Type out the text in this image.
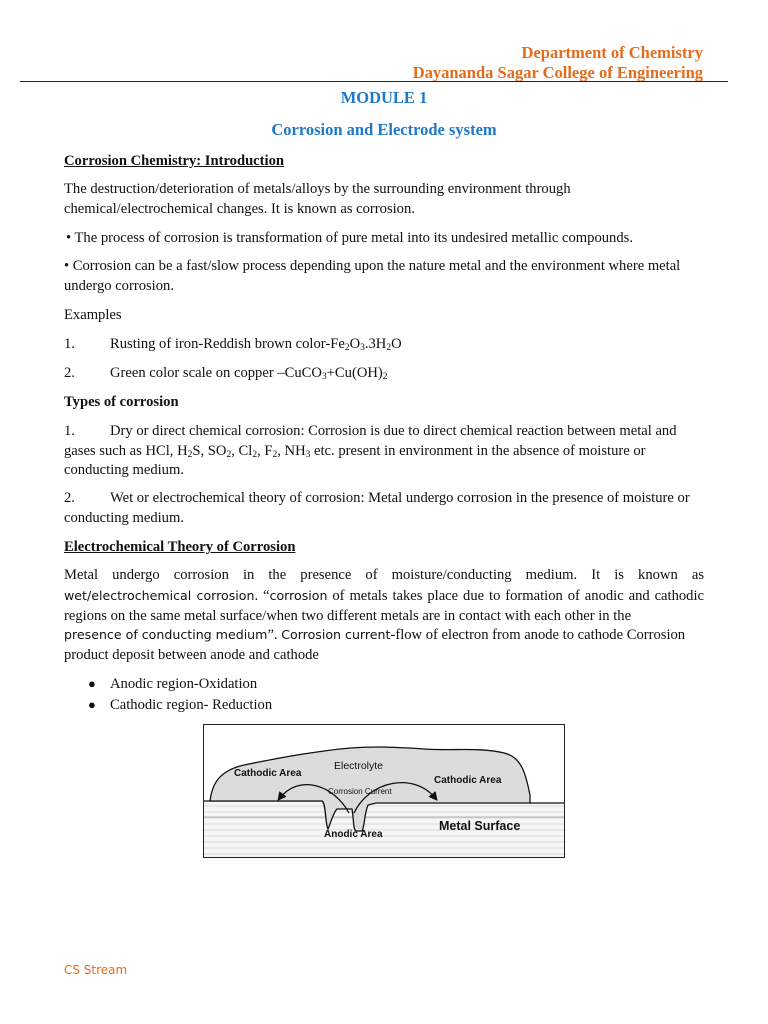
Department of Chemistry
Dayananda Sagar College of Engineering
MODULE 1
Corrosion and Electrode system
Corrosion Chemistry: Introduction
The destruction/deterioration of metals/alloys by the surrounding environment through chemical/electrochemical changes. It is known as corrosion.
• The process of corrosion is transformation of pure metal into its undesired metallic compounds.
• Corrosion can be a fast/slow process depending upon the nature metal and the environment where metal undergo corrosion.
Examples
1. Rusting of iron-Reddish brown color-$Fe_2O_3.3H_2O$
2. Green color scale on copper $-CuCO_3+Cu(OH)_2$
Types of corrosion
1. Dry or direct chemical corrosion: Corrosion is due to direct chemical reaction between metal and gases such as HCl, $H_2S$, $SO_2$, $Cl_2$, $F_2$, $NH_3$ etc. present in environment in the absence of moisture or conducting medium.
2. Wet or electrochemical theory of corrosion: Metal undergo corrosion in the presence of moisture or conducting medium.
Electrochemical Theory of Corrosion
Metal undergo corrosion in the presence of moisture/conducting medium. It is known as
wet/electrochemical corrosion. “corrosion of metals takes place due to formation of anodic and cathodic regions on the same metal surface/when two different metals are in contact with each other in the
presence of conducting medium”. Corrosion current-flow of electron from anode to cathode Corrosion product deposit between anode and cathode
● Anodic region-Oxidation
● Cathodic region- Reduction
Electrolyte
Cathodic Area
Cathodic Area
Corrosion Current
Anodic Area
Metal Surface
CS Stream
